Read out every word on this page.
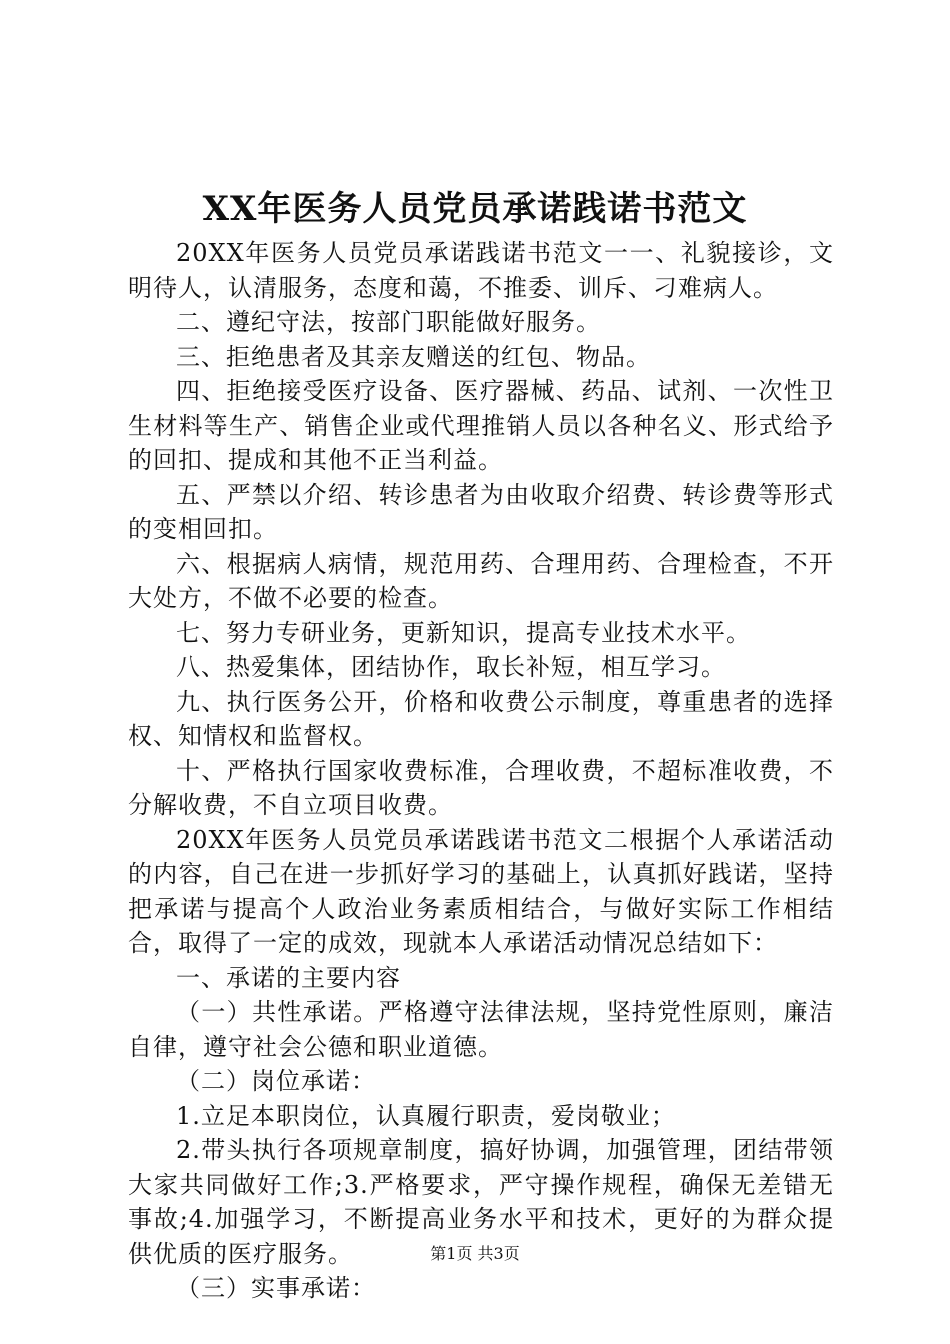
XX年医务人员党员承诺践诺书范文

20XX年医务人员党员承诺践诺书范文一一、礼貌接诊，文明待人，认清服务，态度和蔼，不推委、训斥、刁难病人。

二、遵纪守法，按部门职能做好服务。

三、拒绝患者及其亲友赠送的红包、物品。

四、拒绝接受医疗设备、医疗器械、药品、试剂、一次性卫生材料等生产、销售企业或代理推销人员以各种名义、形式给予的回扣、提成和其他不正当利益。

五、严禁以介绍、转诊患者为由收取介绍费、转诊费等形式的变相回扣。

六、根据病人病情，规范用药、合理用药、合理检查，不开大处方，不做不必要的检查。

七、努力专研业务，更新知识，提高专业技术水平。

八、热爱集体，团结协作，取长补短，相互学习。

九、执行医务公开，价格和收费公示制度，尊重患者的选择权、知情权和监督权。

十、严格执行国家收费标准，合理收费，不超标准收费，不分解收费，不自立项目收费。

20XX年医务人员党员承诺践诺书范文二根据个人承诺活动的内容，自己在进一步抓好学习的基础上，认真抓好践诺，坚持把承诺与提高个人政治业务素质相结合，与做好实际工作相结合，取得了一定的成效，现就本人承诺活动情况总结如下：

一、承诺的主要内容

（一）共性承诺。严格遵守法律法规，坚持党性原则，廉洁自律，遵守社会公德和职业道德。

（二）岗位承诺：

1.立足本职岗位，认真履行职责，爱岗敬业；

2.带头执行各项规章制度，搞好协调，加强管理，团结带领大家共同做好工作;3.严格要求，严守操作规程，确保无差错无事故;4.加强学习，不断提高业务水平和技术，更好的为群众提供优质的医疗服务。

（三）实事承诺：

第1页 共3页
